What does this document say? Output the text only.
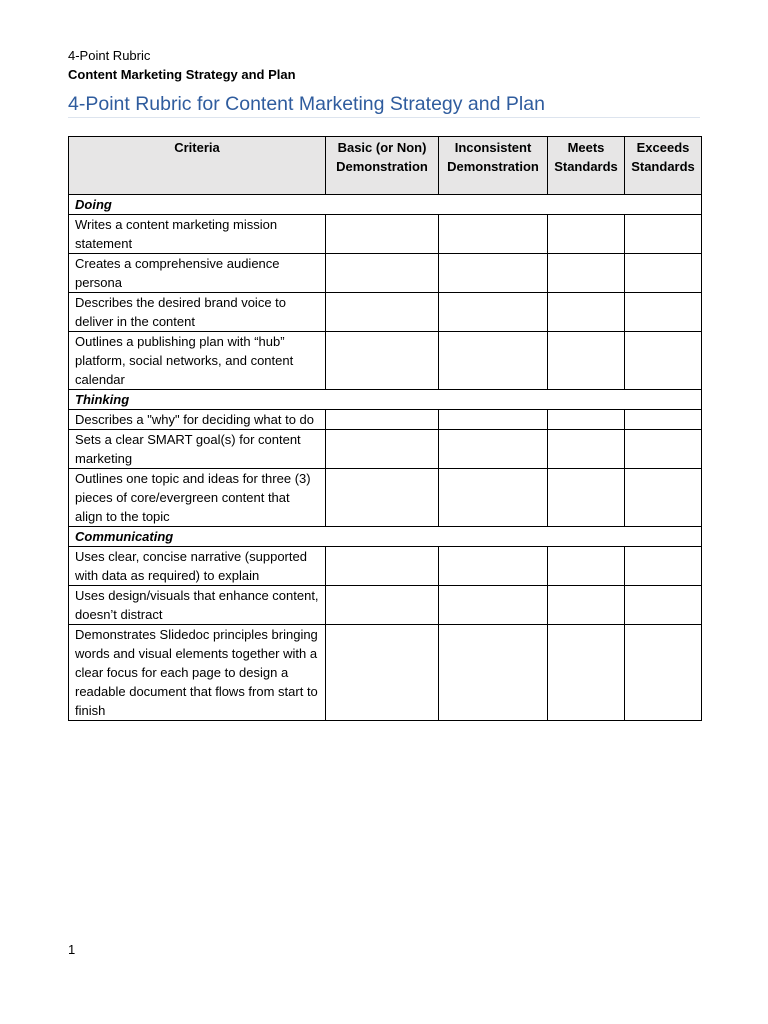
4-Point Rubric
Content Marketing Strategy and Plan
4-Point Rubric for Content Marketing Strategy and Plan
Criteria	Basic (or Non) Demonstration	Inconsistent Demonstration	Meets Standards	Exceeds Standards
Doing				
Writes a content marketing mission statement				
Creates a comprehensive audience persona				
Describes the desired brand voice to deliver in the content				
Outlines a publishing plan with “hub” platform, social networks, and content calendar				
Thinking				
Describes a "why" for deciding what to do				
Sets a clear SMART goal(s) for content marketing				
Outlines one topic and ideas for three (3) pieces of core/evergreen content that align to the topic				
Communicating				
Uses clear, concise narrative (supported with data as required) to explain				
Uses design/visuals that enhance content, doesn’t distract				
Demonstrates Slidedoc principles bringing words and visual elements together with a clear focus for each page to design a readable document that flows from start to finish				
1
